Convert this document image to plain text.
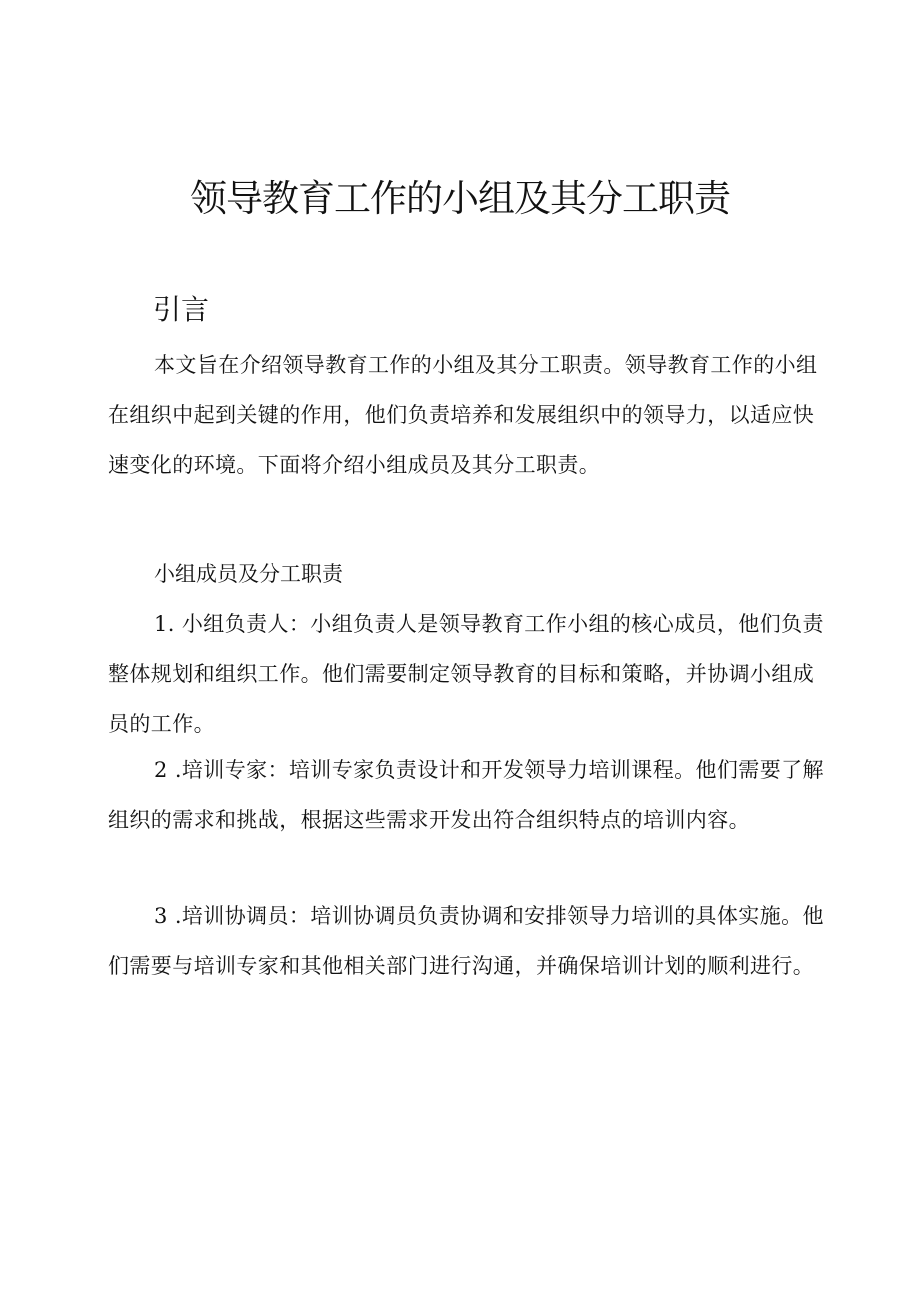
领导教育工作的小组及其分工职责
引言

本文旨在介绍领导教育工作的小组及其分工职责。领导教育工作的小组在组织中起到关键的作用，他们负责培养和发展组织中的领导力，以适应快速变化的环境。下面将介绍小组成员及其分工职责。

小组成员及分工职责

1. 小组负责人：小组负责人是领导教育工作小组的核心成员，他们负责整体规划和组织工作。他们需要制定领导教育的目标和策略，并协调小组成员的工作。

2 .培训专家：培训专家负责设计和开发领导力培训课程。他们需要了解组织的需求和挑战，根据这些需求开发出符合组织特点的培训内容。

3 .培训协调员：培训协调员负责协调和安排领导力培训的具体实施。他们需要与培训专家和其他相关部门进行沟通，并确保培训计划的顺利进行。
